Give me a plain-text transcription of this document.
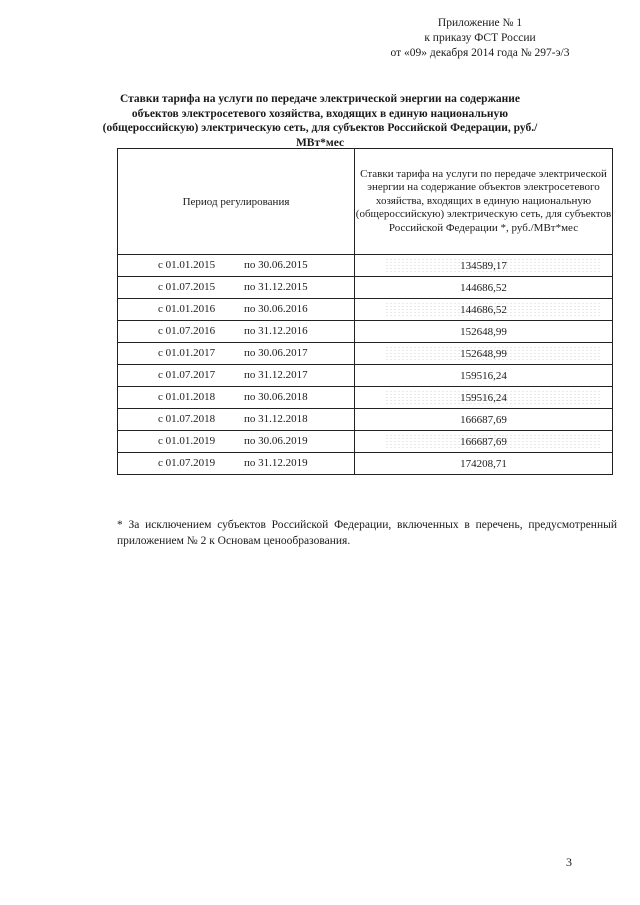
Приложение № 1
к приказу ФСТ России
от «09» декабря 2014 года № 297-э/3
Ставки тарифа на услуги по передаче электрической энергии на содержание объектов электросетевого хозяйства, входящих в единую национальную (общероссийскую) электрическую сеть, для субъектов Российской Федерации, руб./МВт*мес
Период регулирования	Ставки тарифа на услуги по передаче электрической энергии на содержание объектов электросетевого хозяйства, входящих в единую национальную (общероссийскую) электрическую сеть, для субъектов Российской Федерации *, руб./МВт*мес

с 01.01.2015 по 30.06.2015	134589,17

с 01.07.2015 по 31.12.2015	144686,52

с 01.01.2016 по 30.06.2016	144686,52

с 01.07.2016 по 31.12.2016	152648,99

с 01.01.2017 по 30.06.2017	152648,99

с 01.07.2017 по 31.12.2017	159516,24

с 01.01.2018 по 30.06.2018	159516,24

с 01.07.2018 по 31.12.2018	166687,69

с 01.01.2019 по 30.06.2019	166687,69

с 01.07.2019 по 31.12.2019	174208,71
* За исключением субъектов Российской Федерации, включенных в перечень, предусмотренный приложением № 2 к Основам ценообразования.
3
